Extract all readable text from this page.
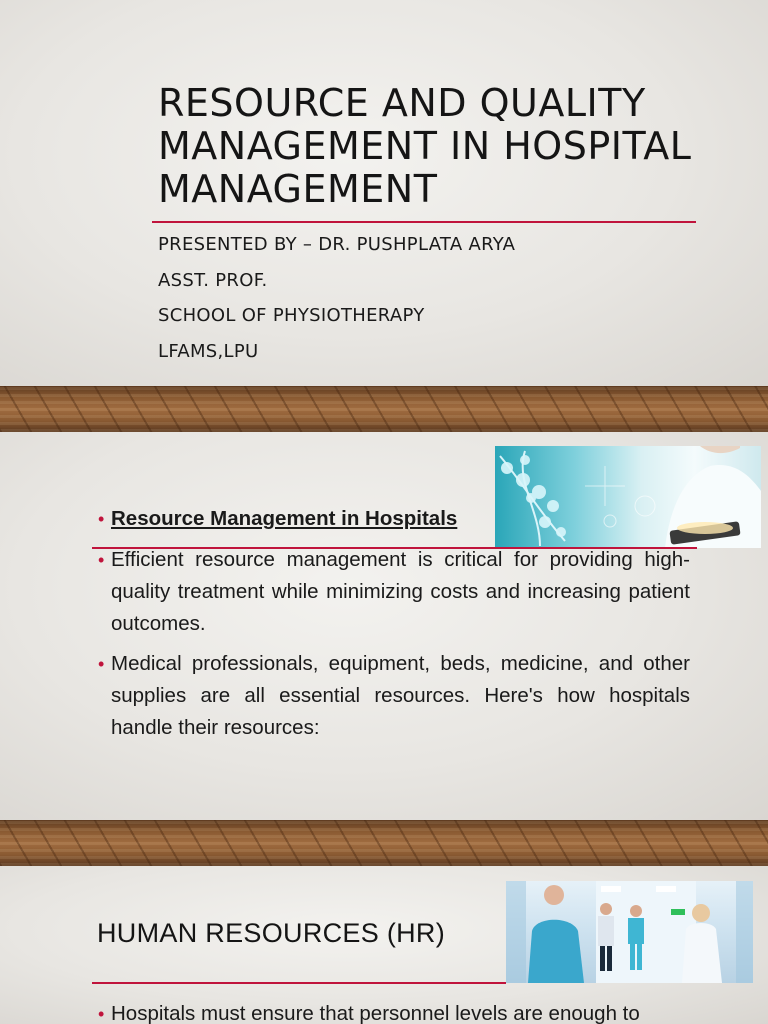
RESOURCE AND QUALITY MANAGEMENT IN HOSPITAL MANAGEMENT
PRESENTED BY – DR. PUSHPLATA ARYA
ASST. PROF.
SCHOOL OF PHYSIOTHERAPY
LFAMS,LPU
• Resource Management in Hospitals
• Efficient resource management is critical for providing high-quality treatment while minimizing costs and increasing patient outcomes.
• Medical professionals, equipment, beds, medicine, and other supplies are all essential resources. Here's how hospitals handle their resources:
HUMAN RESOURCES (HR)
• Hospitals must ensure that personnel levels are enough to
